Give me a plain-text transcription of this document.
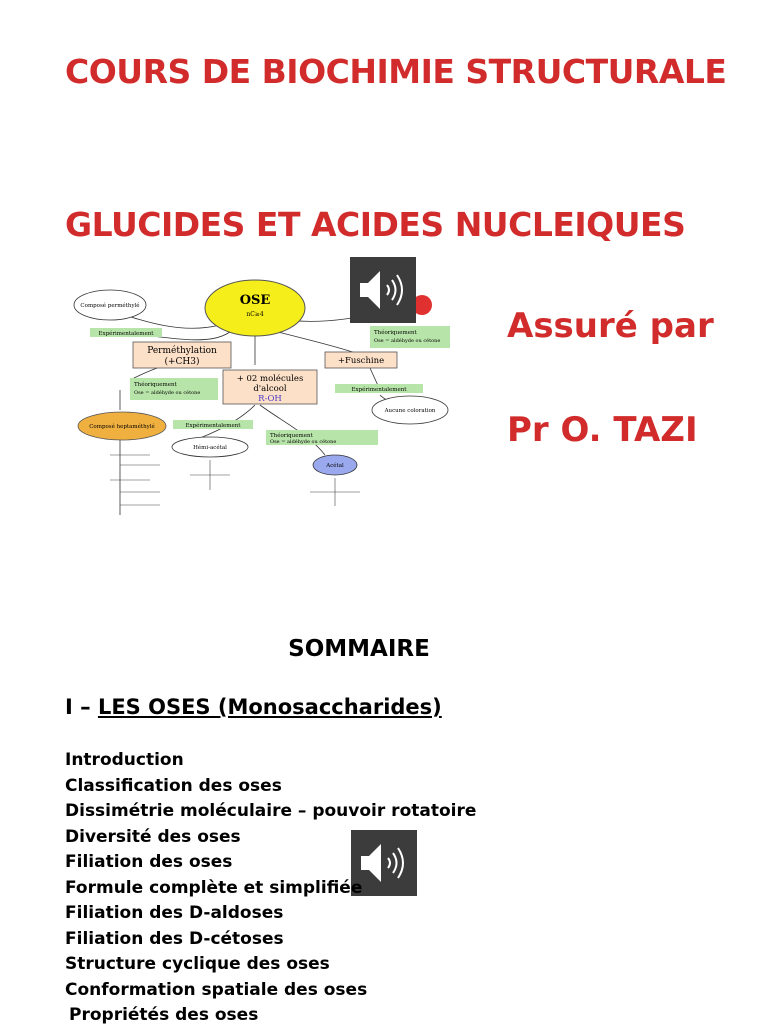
COURS DE BIOCHIMIE STRUCTURALE
GLUCIDES ET ACIDES NUCLEIQUES
Assuré par
Pr O. TAZI
Composé perméthylé	OSE
nC≥4
Expérimentalement
Perméthylation
(+CH3)
Théoriquement
Ose = aldéhyde ou cétone
+Fuschine
+ 02 molécules
d'alcool
R-OH
Théoriquement
Ose = aldéhyde ou cétone	Expérimentalement
Aucune coloration
Composé heptaméthylé	Expérimentalement
Hémi-acétal
Théoriquement
Ose = aldéhyde ou cétone
Acétal
SOMMAIRE
I – LES OSES (Monosaccharides)
Introduction
Classification des oses
Dissimétrie moléculaire – pouvoir rotatoire
Diversité des oses
Filiation des oses
Formule complète et simplifiée
Filiation des D-aldoses
Filiation des D-cétoses
Structure cyclique des oses
Conformation spatiale des oses
Propriétés des oses
